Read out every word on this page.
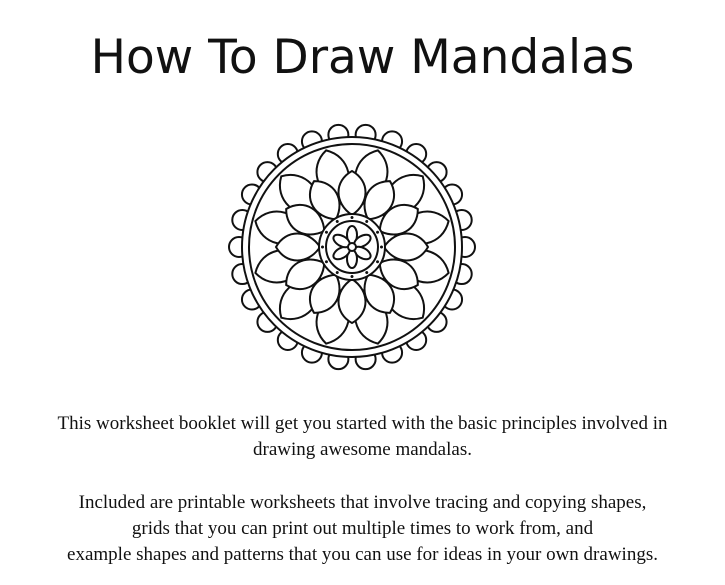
How To Draw Mandalas

This worksheet booklet will get you started with the basic principles involved in
drawing awesome mandalas.

Included are printable worksheets that involve tracing and copying shapes,
grids that you can print out multiple times to work from, and
example shapes and patterns that you can use for ideas in your own drawings.
